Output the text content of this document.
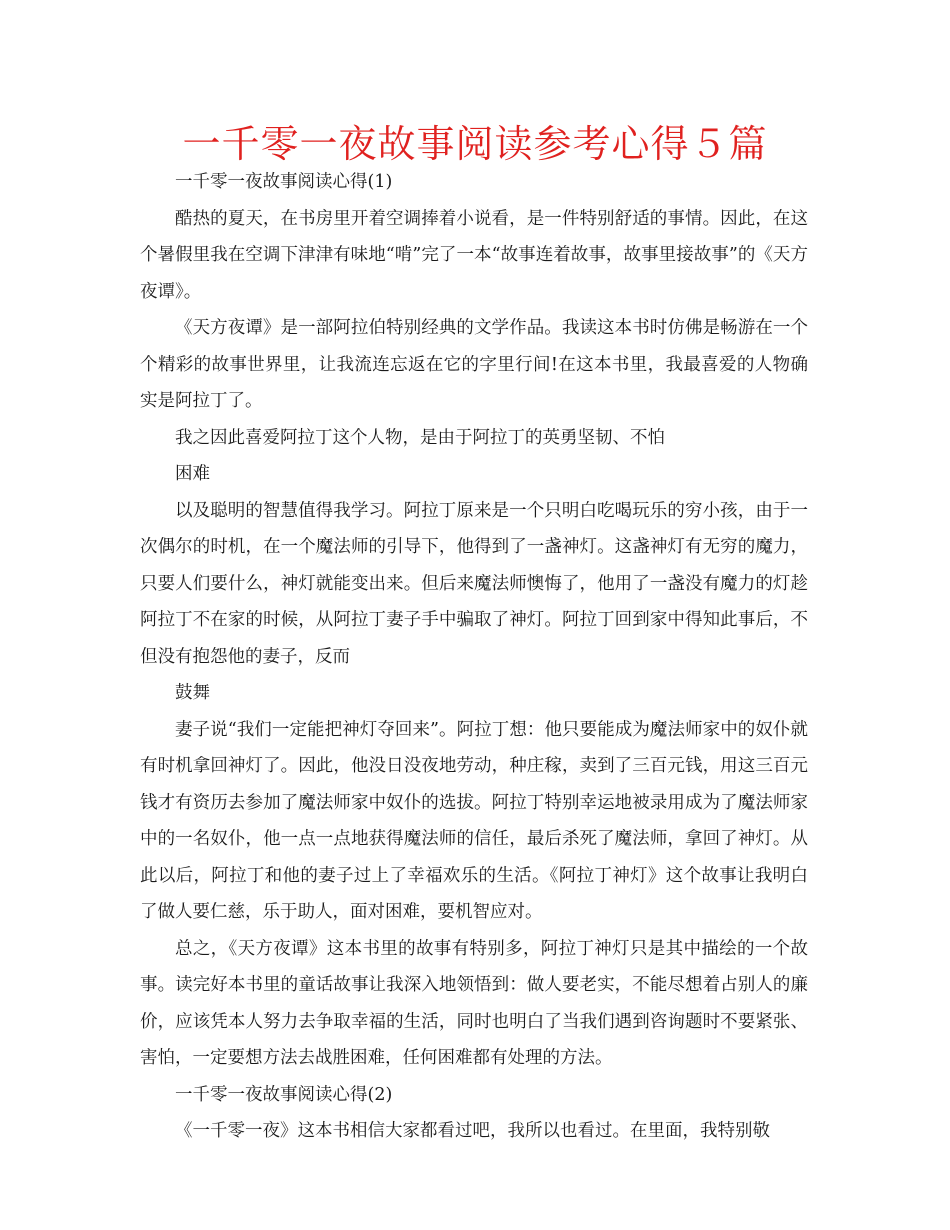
一千零一夜故事阅读参考心得５篇

一千零一夜故事阅读心得(1)

酷热的夏天，在书房里开着空调捧着小说看，是一件特别舒适的事情。因此，在这个暑假里我在空调下津津有味地“啃”完了一本“故事连着故事，故事里接故事”的《天方夜谭》。

《天方夜谭》是一部阿拉伯特别经典的文学作品。我读这本书时仿佛是畅游在一个个精彩的故事世界里，让我流连忘返在它的字里行间!在这本书里，我最喜爱的人物确实是阿拉丁了。

我之因此喜爱阿拉丁这个人物，是由于阿拉丁的英勇坚韧、不怕

困难

以及聪明的智慧值得我学习。阿拉丁原来是一个只明白吃喝玩乐的穷小孩，由于一次偶尔的时机，在一个魔法师的引导下，他得到了一盏神灯。这盏神灯有无穷的魔力，只要人们要什么，神灯就能变出来。但后来魔法师懊悔了，他用了一盏没有魔力的灯趁阿拉丁不在家的时候，从阿拉丁妻子手中骗取了神灯。阿拉丁回到家中得知此事后，不但没有抱怨他的妻子，反而

鼓舞

妻子说“我们一定能把神灯夺回来”。阿拉丁想：他只要能成为魔法师家中的奴仆就有时机拿回神灯了。因此，他没日没夜地劳动，种庄稼，卖到了三百元钱，用这三百元钱才有资历去参加了魔法师家中奴仆的选拔。阿拉丁特别幸运地被录用成为了魔法师家中的一名奴仆，他一点一点地获得魔法师的信任，最后杀死了魔法师，拿回了神灯。从此以后，阿拉丁和他的妻子过上了幸福欢乐的生活。《阿拉丁神灯》这个故事让我明白了做人要仁慈，乐于助人，面对困难，要机智应对。

总之，《天方夜谭》这本书里的故事有特别多，阿拉丁神灯只是其中描绘的一个故事。读完好本书里的童话故事让我深入地领悟到：做人要老实，不能尽想着占别人的廉价，应该凭本人努力去争取幸福的生活，同时也明白了当我们遇到咨询题时不要紧张、害怕，一定要想方法去战胜困难，任何困难都有处理的方法。

一千零一夜故事阅读心得(2)

《一千零一夜》这本书相信大家都看过吧，我所以也看过。在里面，我特别敬
